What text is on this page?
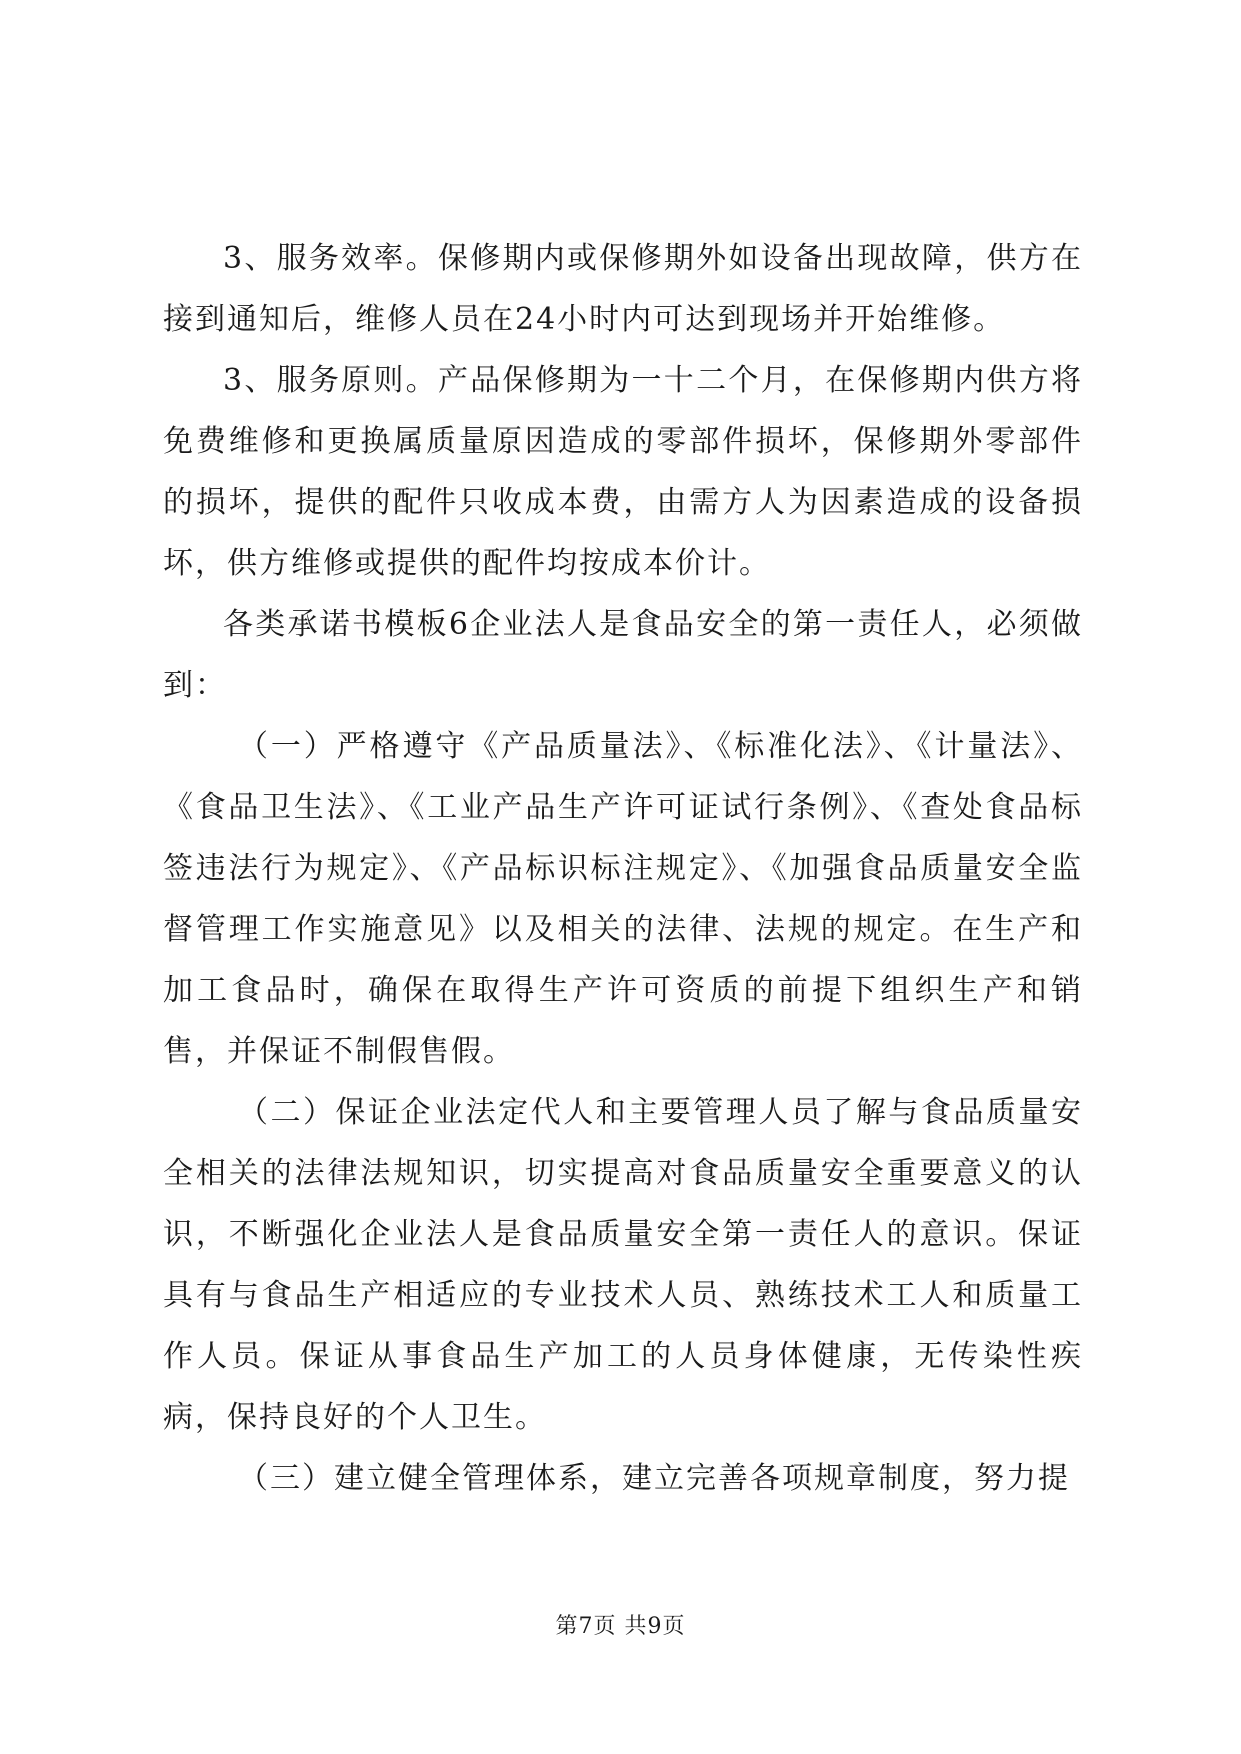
3、服务效率。保修期内或保修期外如设备出现故障，供方在接到通知后，维修人员在24小时内可达到现场并开始维修。

3、服务原则。产品保修期为一十二个月，在保修期内供方将免费维修和更换属质量原因造成的零部件损坏，保修期外零部件的损坏，提供的配件只收成本费，由需方人为因素造成的设备损坏，供方维修或提供的配件均按成本价计。

各类承诺书模板6企业法人是食品安全的第一责任人，必须做到：

（一）严格遵守《产品质量法》、《标准化法》、《计量法》、《食品卫生法》、《工业产品生产许可证试行条例》、《查处食品标签违法行为规定》、《产品标识标注规定》、《加强食品质量安全监督管理工作实施意见》以及相关的法律、法规的规定。在生产和加工食品时，确保在取得生产许可资质的前提下组织生产和销售，并保证不制假售假。

（二）保证企业法定代人和主要管理人员了解与食品质量安全相关的法律法规知识，切实提高对食品质量安全重要意义的认识，不断强化企业法人是食品质量安全第一责任人的意识。保证具有与食品生产相适应的专业技术人员、熟练技术工人和质量工作人员。保证从事食品生产加工的人员身体健康，无传染性疾病，保持良好的个人卫生。

（三）建立健全管理体系，建立完善各项规章制度，努力提

第7页 共9页
